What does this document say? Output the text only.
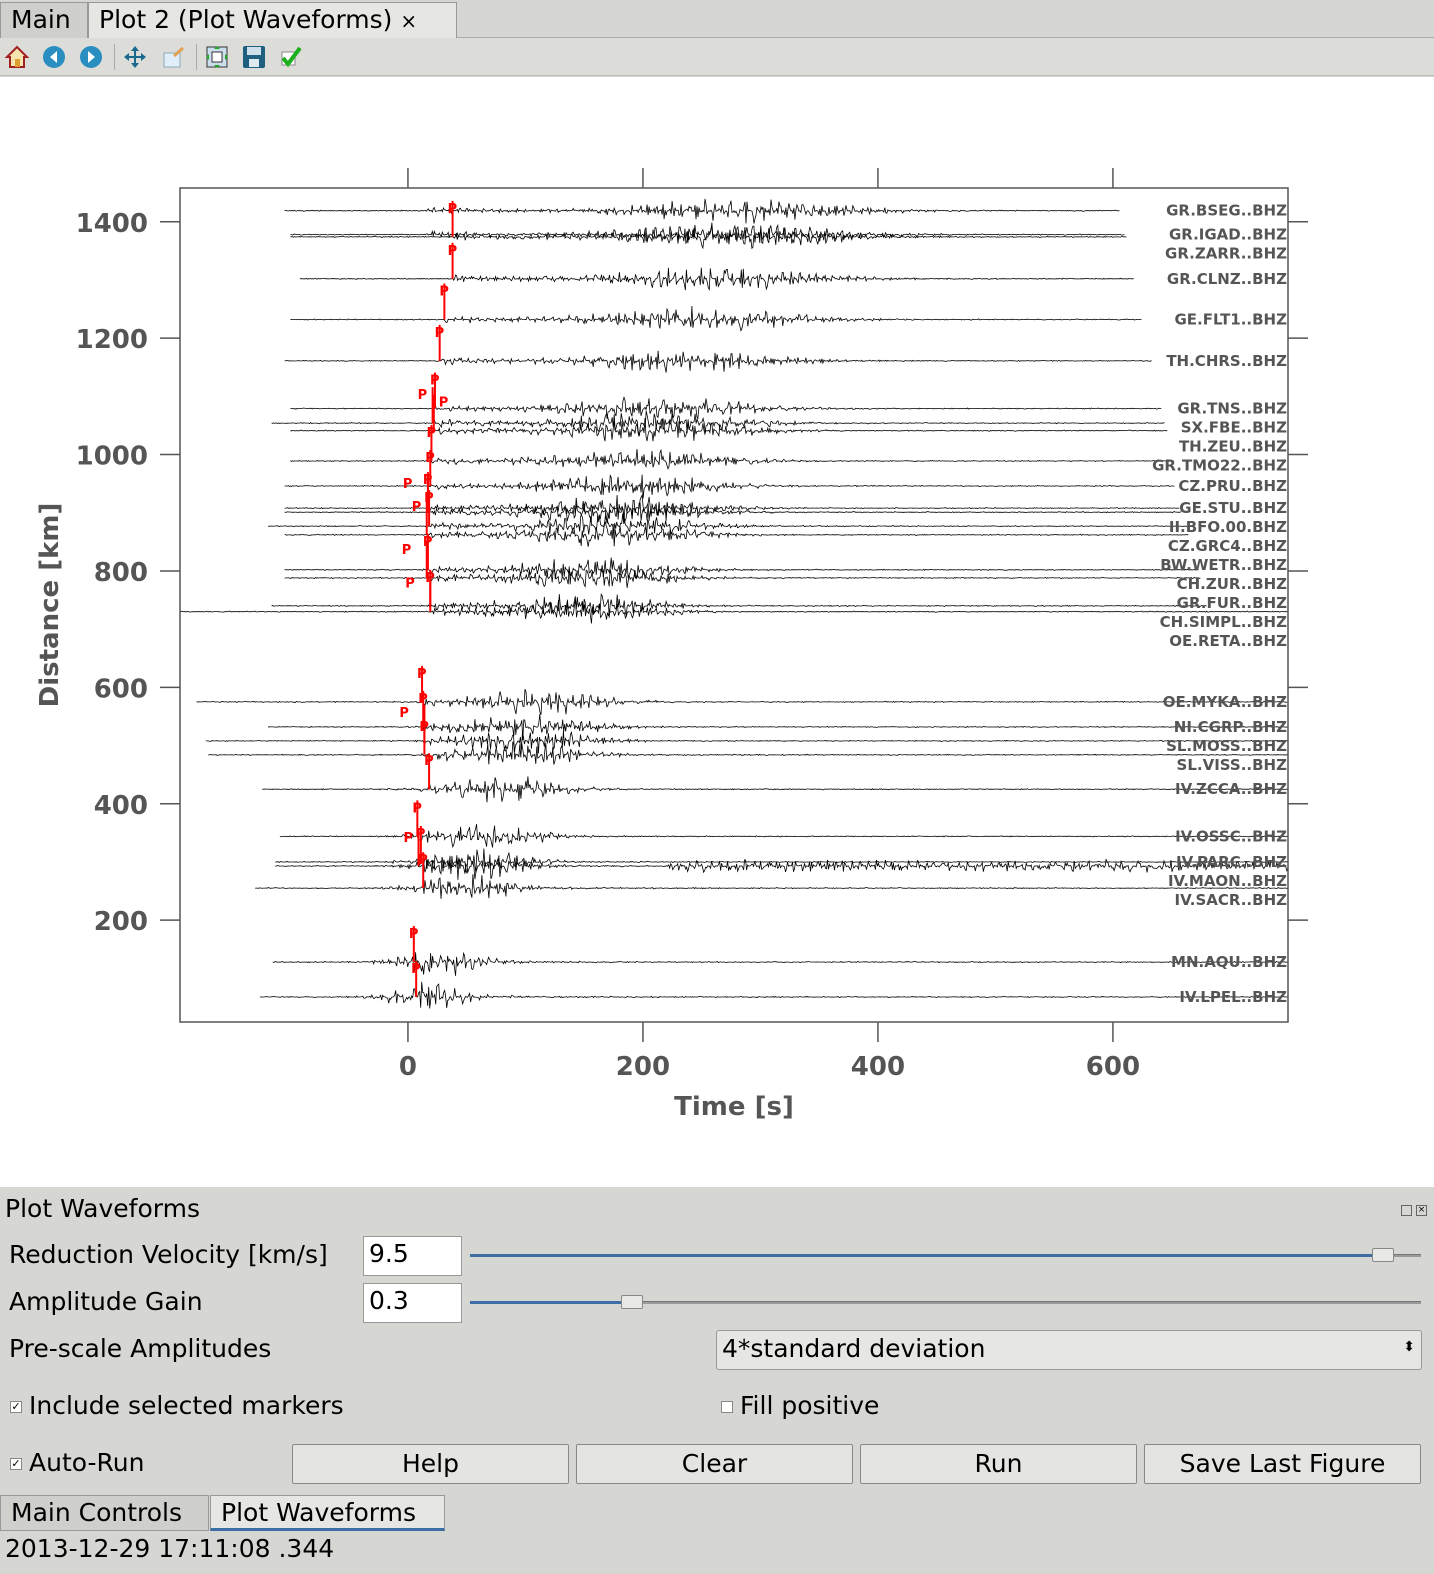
Main	Plot 2 (Plot Waveforms) ×
GR.BSEG..BHZ
GR.IGAD..BHZ
GR.ZARR..BHZ
GR.CLNZ..BHZ
GE.FLT1..BHZ
TH.CHRS..BHZ
GR.TNS..BHZ
SX.FBE..BHZ
TH.ZEU..BHZ
GR.TMO22..BHZ
CZ.PRU..BHZ
GE.STU..BHZ
II.BFO.00.BHZ
CZ.GRC4..BHZ
BW.WETR..BHZ
CH.ZUR..BHZ
GR.FUR..BHZ
CH.SIMPL..BHZ
OE.RETA..BHZ
OE.MYKA..BHZ
NI.CGRP..BHZ
SL.MOSS..BHZ
SL.VISS..BHZ
IV.ZCCA..BHZ
IV.OSSC..BHZ
IV.PARC..BHZ
IV.MAON..BHZ
IV.SACR..BHZ
MN.AQU..BHZ
IV.LPEL..BHZ
P
P
P
P
P
P
P
P
P
P
P
P
P
P
P
P
P
P
P
P
P
P
P
P
P
P
P
P
0	200	400	600
200
400
600
800
1000
1200
1400
Time [s]
Distance [km]
Plot Waveforms	×
Reduction Velocity [km/s] 9.5
Amplitude Gain	0.3
Pre-scale Amplitudes	4*standard deviation	⬍
✓ Include selected markers	Fill positive
✓ Auto-Run	Help	Clear	Run	Save Last Figure
Main Controls	Plot Waveforms
2013-12-29 17:11:08 .344
